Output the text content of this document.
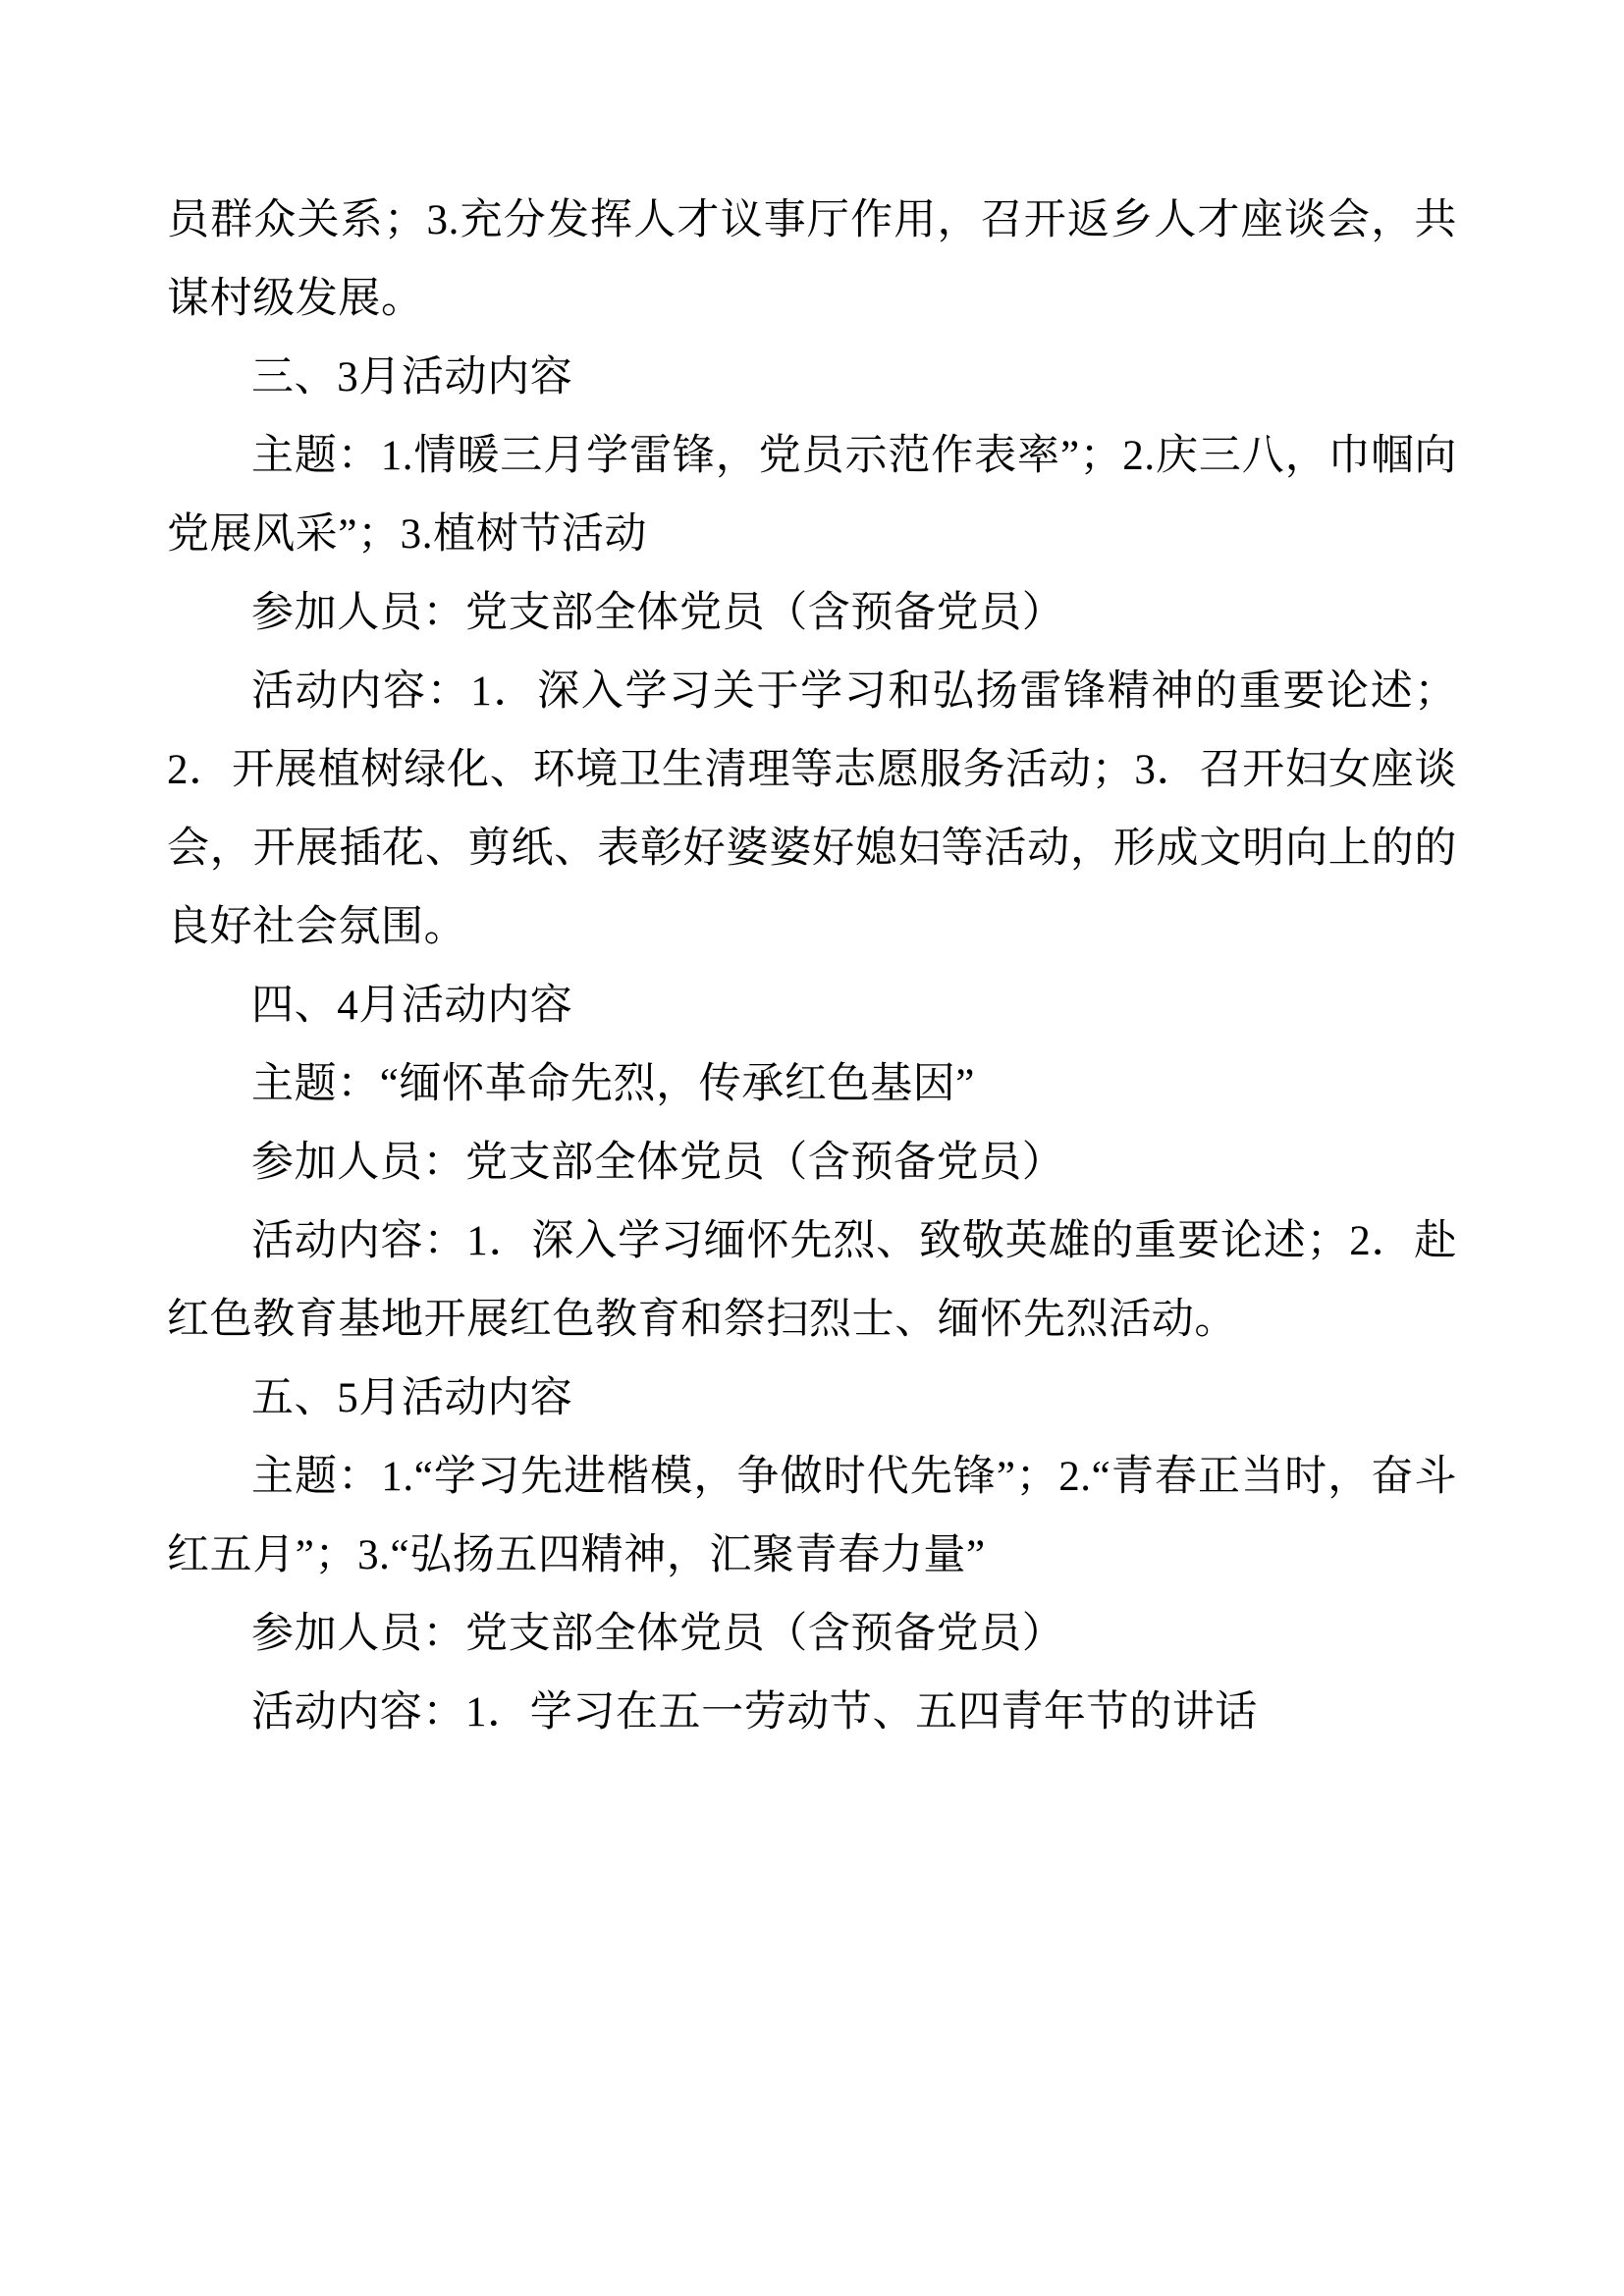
员群众关系；3.充分发挥人才议事厅作用，召开返乡人才座谈会，共谋村级发展。

三、3月活动内容

主题：1.情暖三月学雷锋，党员示范作表率”；2.庆三八，巾帼向党展风采”；3.植树节活动

参加人员：党支部全体党员（含预备党员）

活动内容：1．深入学习关于学习和弘扬雷锋精神的重要论述；2．开展植树绿化、环境卫生清理等志愿服务活动；3．召开妇女座谈会，开展插花、剪纸、表彰好婆婆好媳妇等活动，形成文明向上的的良好社会氛围。

四、4月活动内容

主题：“缅怀革命先烈，传承红色基因”

参加人员：党支部全体党员（含预备党员）

活动内容：1．深入学习缅怀先烈、致敬英雄的重要论述；2．赴红色教育基地开展红色教育和祭扫烈士、缅怀先烈活动。

五、5月活动内容

主题：1.“学习先进楷模，争做时代先锋”；2.“青春正当时，奋斗红五月”；3.“弘扬五四精神，汇聚青春力量”

参加人员：党支部全体党员（含预备党员）

活动内容：1．学习在五一劳动节、五四青年节的讲话
